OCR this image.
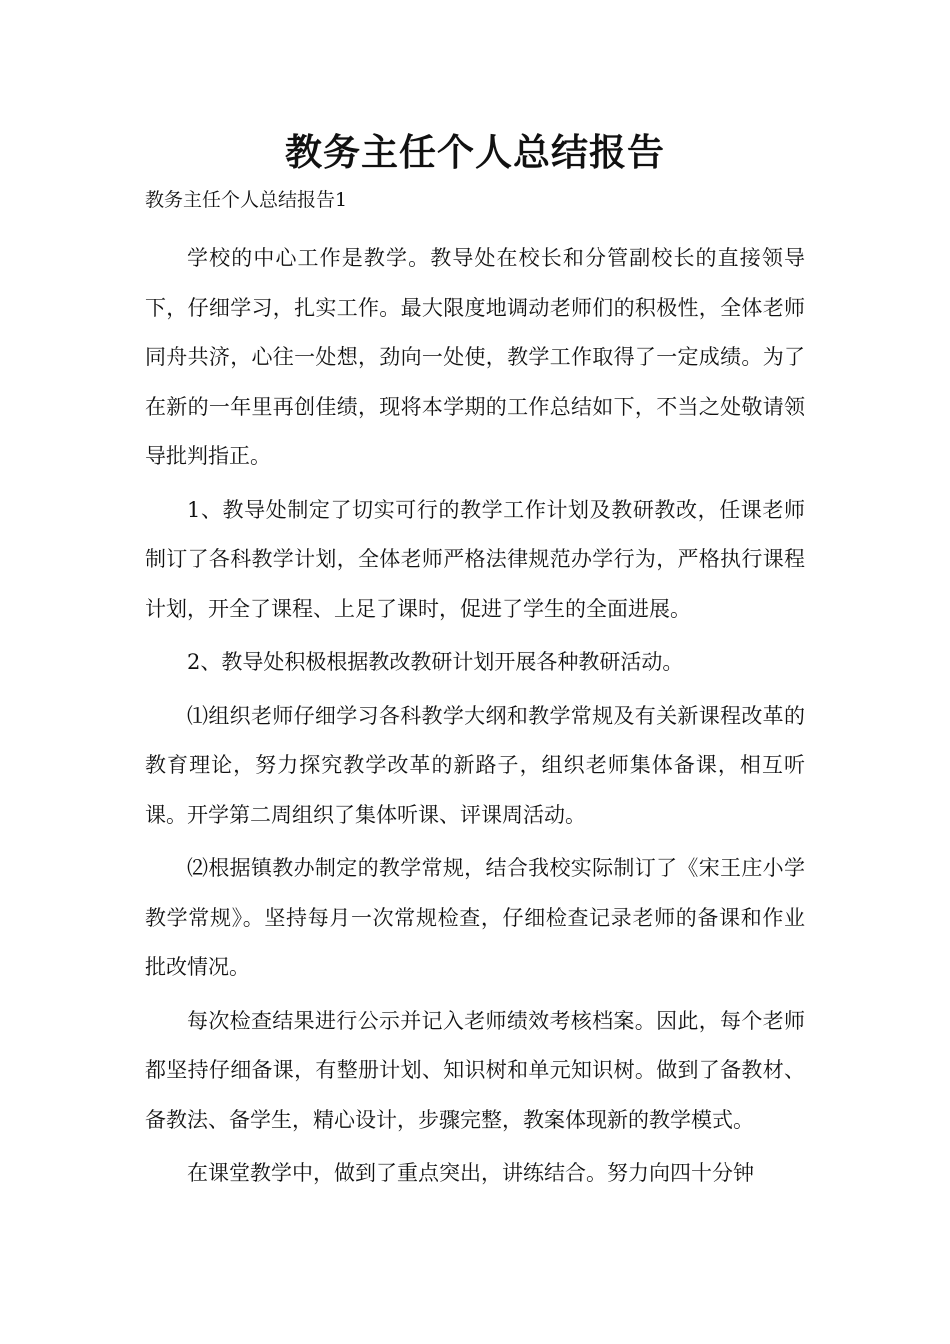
教务主任个人总结报告

教务主任个人总结报告1

学校的中心工作是教学。教导处在校长和分管副校长的直接领导下，仔细学习，扎实工作。最大限度地调动老师们的积极性，全体老师同舟共济，心往一处想，劲向一处使，教学工作取得了一定成绩。为了在新的一年里再创佳绩，现将本学期的工作总结如下，不当之处敬请领导批判指正。

1、教导处制定了切实可行的教学工作计划及教研教改，任课老师制订了各科教学计划，全体老师严格法律规范办学行为，严格执行课程计划，开全了课程、上足了课时，促进了学生的全面进展。

2、教导处积极根据教改教研计划开展各种教研活动。

⑴组织老师仔细学习各科教学大纲和教学常规及有关新课程改革的教育理论，努力探究教学改革的新路子，组织老师集体备课，相互听课。开学第二周组织了集体听课、评课周活动。

⑵根据镇教办制定的教学常规，结合我校实际制订了《宋王庄小学教学常规》。坚持每月一次常规检查，仔细检查记录老师的备课和作业批改情况。

每次检查结果进行公示并记入老师绩效考核档案。因此，每个老师都坚持仔细备课，有整册计划、知识树和单元知识树。做到了备教材、备教法、备学生，精心设计，步骤完整，教案体现新的教学模式。

在课堂教学中，做到了重点突出，讲练结合。努力向四十分钟
